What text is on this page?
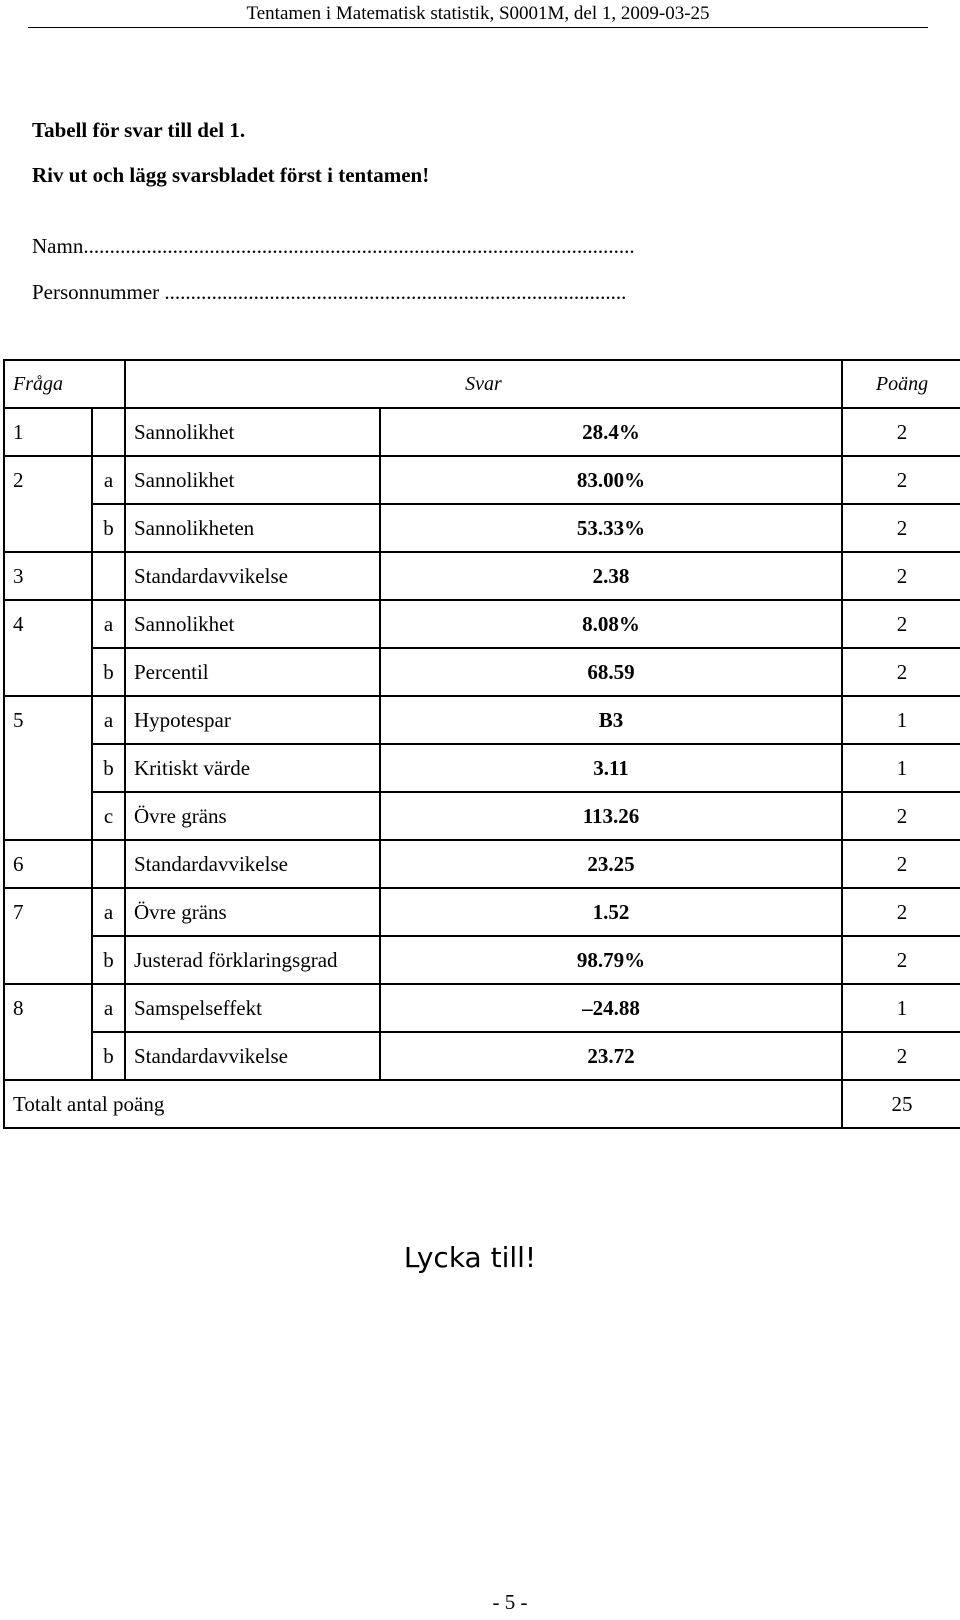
Tentamen i Matematisk statistik, S0001M, del 1, 2009-03-25
Tabell för svar till del 1.
Riv ut och lägg svarsbladet först i tentamen!
Namn.........................................................................................................
Personnummer ........................................................................................
Fråga		Svar		Poäng
1		Sannolikhet	28.4%	2
2	a	Sannolikhet	83.00%	2
	b	Sannolikheten	53.33%	2
3		Standardavvikelse	2.38	2
4	a	Sannolikhet	8.08%	2
	b	Percentil	68.59	2
5	a	Hypotespar	B3	1
	b	Kritiskt värde	3.11	1
	c	Övre gräns	113.26	2
6		Standardavvikelse	23.25	2
7	a	Övre gräns	1.52	2
	b	Justerad förklaringsgrad	98.79%	2
8	a	Samspelseffekt	–24.88	1
	b	Standardavvikelse	23.72	2
Totalt antal poäng				25
Lycka till!
- 5 -
